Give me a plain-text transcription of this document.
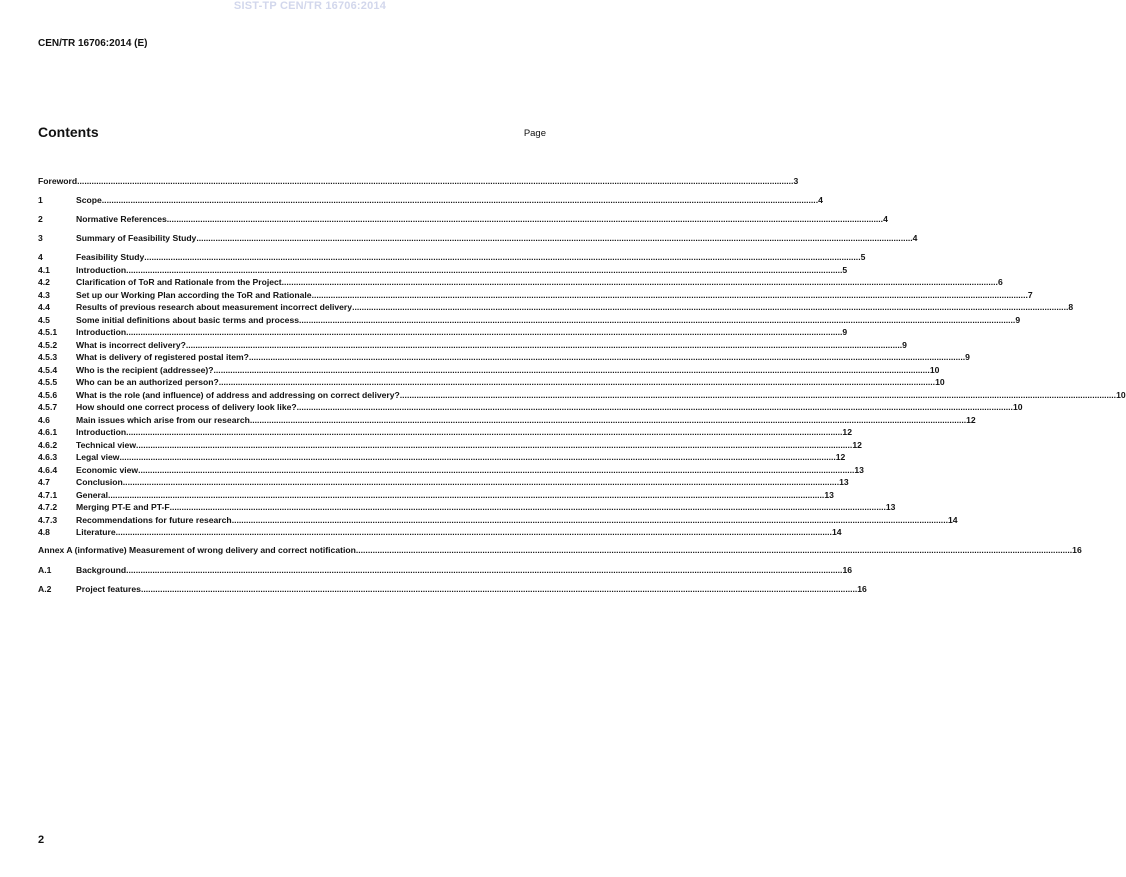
SIST-TP CEN/TR 16706:2014
CEN/TR 16706:2014 (E)
Contents	Page
Foreword ............................................................................................................................................................................................................................................................................................................ 3
1	Scope ............................................................................................................................................................................................................................................................................................................ 4
2	Normative References ............................................................................................................................................................................................................................................................................................................ 4
3	Summary of Feasibility Study ............................................................................................................................................................................................................................................................................................................ 4
4	Feasibility Study ............................................................................................................................................................................................................................................................................................................ 5
4.1	Introduction ............................................................................................................................................................................................................................................................................................................ 5
4.2	Clarification of ToR and Rationale from the Project ............................................................................................................................................................................................................................................................................................................ 6
4.3	Set up our Working Plan according the ToR and Rationale ............................................................................................................................................................................................................................................................................................................ 7
4.4	Results of previous research about measurement incorrect delivery ............................................................................................................................................................................................................................................................................................................ 8
4.5	Some initial definitions about basic terms and process ............................................................................................................................................................................................................................................................................................................ 9
4.5.1	Introduction ............................................................................................................................................................................................................................................................................................................ 9
4.5.2	What is incorrect delivery? ............................................................................................................................................................................................................................................................................................................ 9
4.5.3	What is delivery of registered postal item? ............................................................................................................................................................................................................................................................................................................ 9
4.5.4	Who is the recipient (addressee)? ............................................................................................................................................................................................................................................................................................................ 10
4.5.5	Who can be an authorized person? ............................................................................................................................................................................................................................................................................................................ 10
4.5.6	What is the role (and influence) of address and addressing on correct delivery? ............................................................................................................................................................................................................................................................................................................ 10
4.5.7	How should one correct process of delivery look like? ............................................................................................................................................................................................................................................................................................................ 10
4.6	Main issues which arise from our research ............................................................................................................................................................................................................................................................................................................ 12
4.6.1	Introduction ............................................................................................................................................................................................................................................................................................................ 12
4.6.2	Technical view ............................................................................................................................................................................................................................................................................................................ 12
4.6.3	Legal view ............................................................................................................................................................................................................................................................................................................ 12
4.6.4	Economic view ............................................................................................................................................................................................................................................................................................................ 13
4.7	Conclusion ............................................................................................................................................................................................................................................................................................................ 13
4.7.1	General ............................................................................................................................................................................................................................................................................................................ 13
4.7.2	Merging PT-E and PT-F ............................................................................................................................................................................................................................................................................................................ 13
4.7.3	Recommendations for future research ............................................................................................................................................................................................................................................................................................................ 14
4.8	Literature ............................................................................................................................................................................................................................................................................................................ 14
Annex A (informative) Measurement of wrong delivery and correct notification ............................................................................................................................................................................................................................................................................................................ 16
A.1	Background ............................................................................................................................................................................................................................................................................................................ 16
A.2	Project features ............................................................................................................................................................................................................................................................................................................ 16
2
